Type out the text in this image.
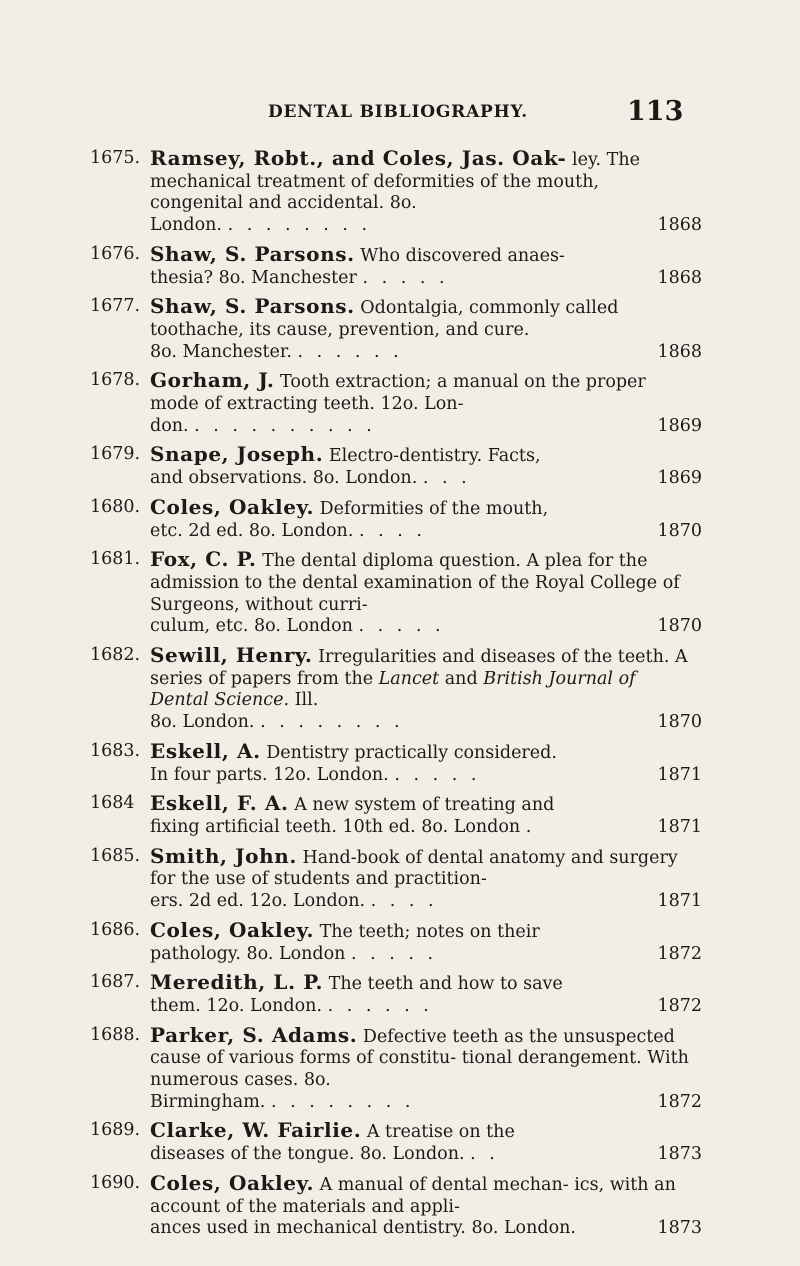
DENTAL BIBLIOGRAPHY.	113
1675. Ramsey, Robt., and Coles, Jas. Oak- ley. The mechanical treatment of deformities of the mouth, congenital and accidental. 8o.
London. . . . . . . . .	1868
1676. Shaw, S. Parsons. Who discovered anaes-
thesia? 8o. Manchester . . . . .	1868
1677. Shaw, S. Parsons. Odontalgia, commonly called toothache, its cause, prevention, and cure.
8o. Manchester. . . . . . .	1868
1678. Gorham, J. Tooth extraction; a manual on the proper mode of extracting teeth. 12o. Lon-
don. . . . . . . . . . .	1869
1679. Snape, Joseph. Electro-dentistry. Facts,
and observations. 8o. London. . . .	1869
1680. Coles, Oakley. Deformities of the mouth,
etc. 2d ed. 8o. London. . . . .	1870
1681. Fox, C. P. The dental diploma question. A plea for the admission to the dental examination of the Royal College of Surgeons, without curri-
culum, etc. 8o. London . . . . .	1870
1682. Sewill, Henry. Irregularities and diseases of the teeth. A series of papers from the Lancet and British Journal of Dental Science. Ill.
8o. London. . . . . . . . .	1870
1683. Eskell, A. Dentistry practically considered.
In four parts. 12o. London. . . . . .	1871
1684 Eskell, F. A. A new system of treating and
fixing artificial teeth. 10th ed. 8o. London .	1871
1685. Smith, John. Hand-book of dental anatomy and surgery for the use of students and practition-
ers. 2d ed. 12o. London. . . . .	1871
1686. Coles, Oakley. The teeth; notes on their
pathology. 8o. London . . . . .	1872
1687. Meredith, L. P. The teeth and how to save
them. 12o. London. . . . . . .	1872
1688. Parker, S. Adams. Defective teeth as the unsuspected cause of various forms of constitu- tional derangement. With numerous cases. 8o.
Birmingham. . . . . . . . .	1872
1689. Clarke, W. Fairlie. A treatise on the
diseases of the tongue. 8o. London. . .	1873
1690. Coles, Oakley. A manual of dental mechan- ics, with an account of the materials and appli-
ances used in mechanical dentistry. 8o. London.	1873
